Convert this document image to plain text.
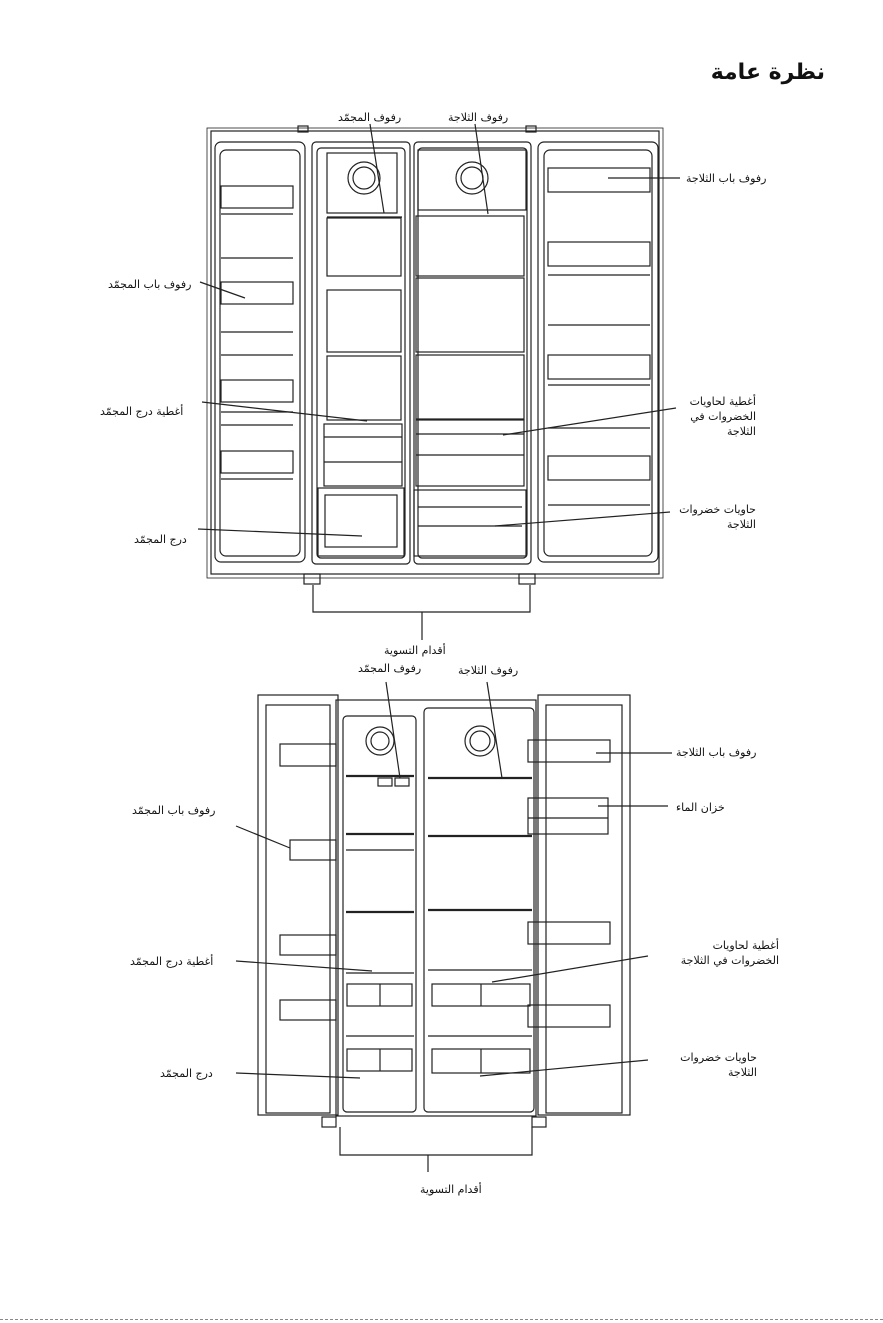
نظرة عامة
رفوف المجمّد	رفوف الثلاجة
رفوف باب الثلاجة
رفوف باب المجمّد
أغطية درج المجمّد
أغطية لحاويات
الخضروات في
الثلاجة
حاويات خضروات
الثلاجة
درج المجمّد
أقدام التسوية
رفوف المجمّد	رفوف الثلاجة
رفوف باب الثلاجة
خزان الماء
رفوف باب المجمّد
أغطية درج المجمّد
أغطية لحاويات
الخضروات في الثلاجة
حاويات خضروات
الثلاجة
درج المجمّد
أقدام التسوية
